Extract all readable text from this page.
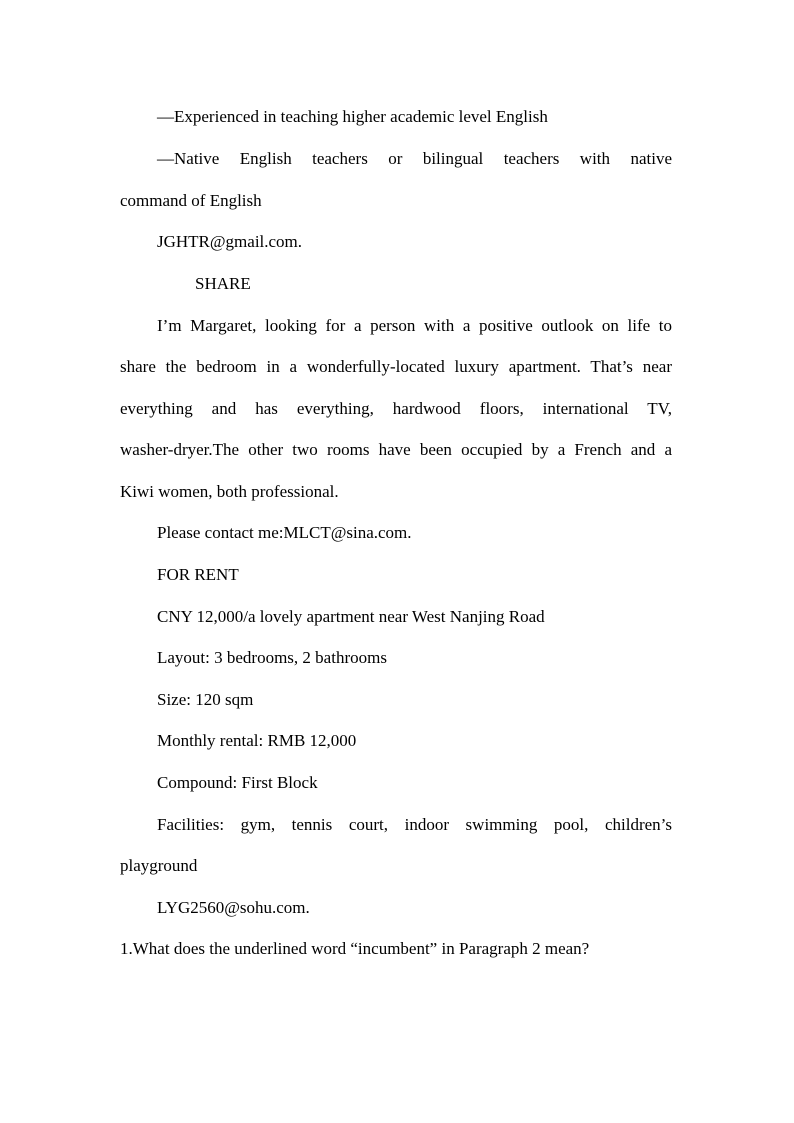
—Experienced in teaching higher academic level English
—Native English teachers or bilingual teachers with native
command of English
JGHTR@gmail.com.
SHARE
I’m Margaret, looking for a person with a positive outlook on life to
share the bedroom in a wonderfully-located luxury apartment. That’s near
everything and has everything, hardwood floors, international TV,
washer-dryer.The other two rooms have been occupied by a French and a
Kiwi women, both professional.
Please contact me:MLCT@sina.com.
FOR RENT
CNY 12,000/a lovely apartment near West Nanjing Road
Layout: 3 bedrooms, 2 bathrooms
Size: 120 sqm
Monthly rental: RMB 12,000
Compound: First Block
Facilities: gym, tennis court, indoor swimming pool, children’s
playground
LYG2560@sohu.com.
1.What does the underlined word “incumbent” in Paragraph 2 mean?
